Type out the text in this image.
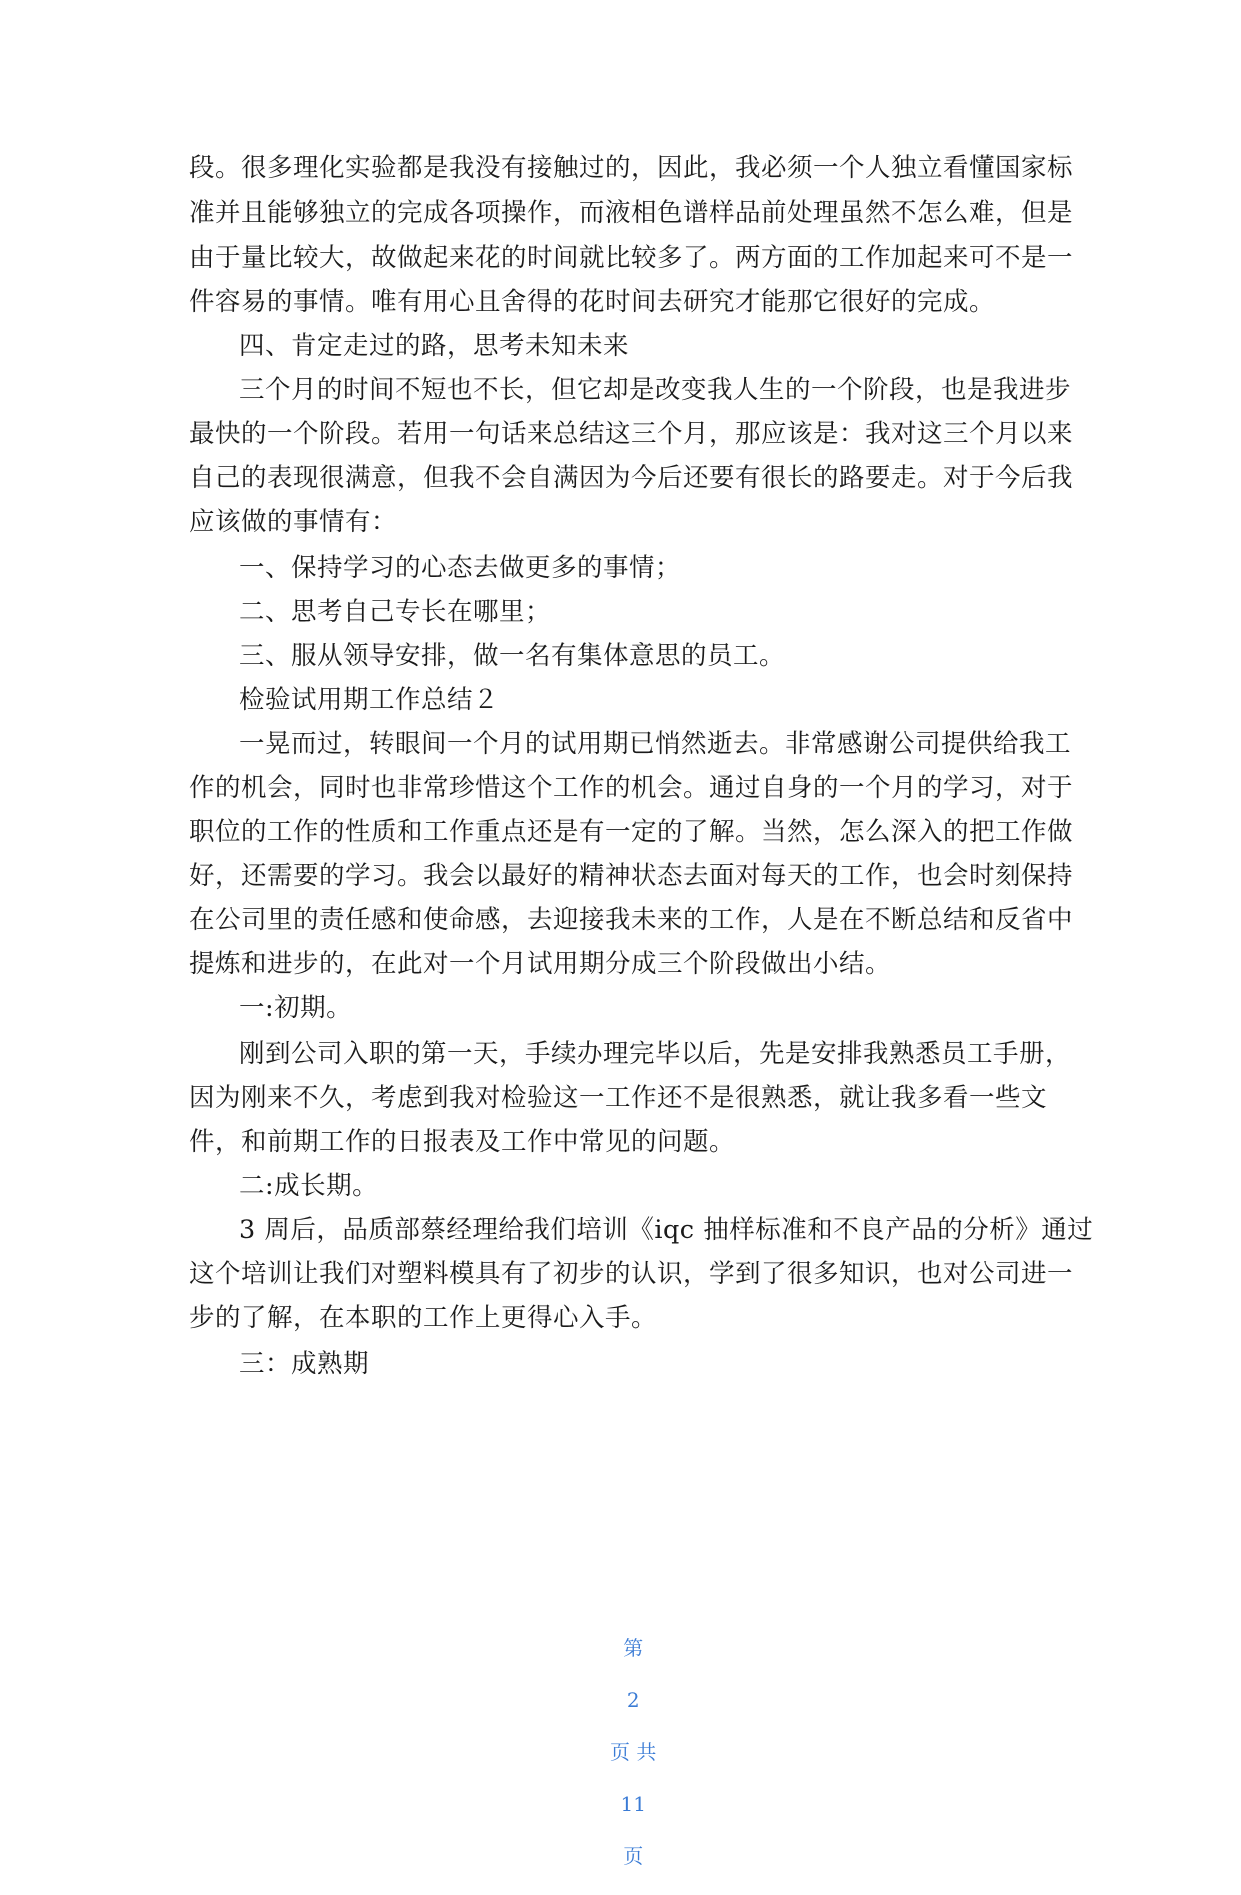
段。很多理化实验都是我没有接触过的，因此，我必须一个人独立看懂国家标
准并且能够独立的完成各项操作，而液相色谱样品前处理虽然不怎么难，但是
由于量比较大，故做起来花的时间就比较多了。两方面的工作加起来可不是一
件容易的事情。唯有用心且舍得的花时间去研究才能那它很好的完成。
四、肯定走过的路，思考未知未来
三个月的时间不短也不长，但它却是改变我人生的一个阶段，也是我进步
最快的一个阶段。若用一句话来总结这三个月，那应该是：我对这三个月以来
自己的表现很满意，但我不会自满因为今后还要有很长的路要走。对于今后我
应该做的事情有：
一、保持学习的心态去做更多的事情；
二、思考自己专长在哪里；
三、服从领导安排，做一名有集体意思的员工。
检验试用期工作总结２
一晃而过，转眼间一个月的试用期已悄然逝去。非常感谢公司提供给我工
作的机会，同时也非常珍惜这个工作的机会。通过自身的一个月的学习，对于
职位的工作的性质和工作重点还是有一定的了解。当然，怎么深入的把工作做
好，还需要的学习。我会以最好的精神状态去面对每天的工作，也会时刻保持
在公司里的责任感和使命感，去迎接我未来的工作，人是在不断总结和反省中
提炼和进步的，在此对一个月试用期分成三个阶段做出小结。
一:初期。
刚到公司入职的第一天，手续办理完毕以后，先是安排我熟悉员工手册，
因为刚来不久，考虑到我对检验这一工作还不是很熟悉，就让我多看一些文
件，和前期工作的日报表及工作中常见的问题。
二:成长期。
3 周后，品质部蔡经理给我们培训《iqc 抽样标准和不良产品的分析》通过
这个培训让我们对塑料模具有了初步的认识，学到了很多知识，也对公司进一
步的了解，在本职的工作上更得心入手。
三：成熟期

第

2

页 共

11

页
